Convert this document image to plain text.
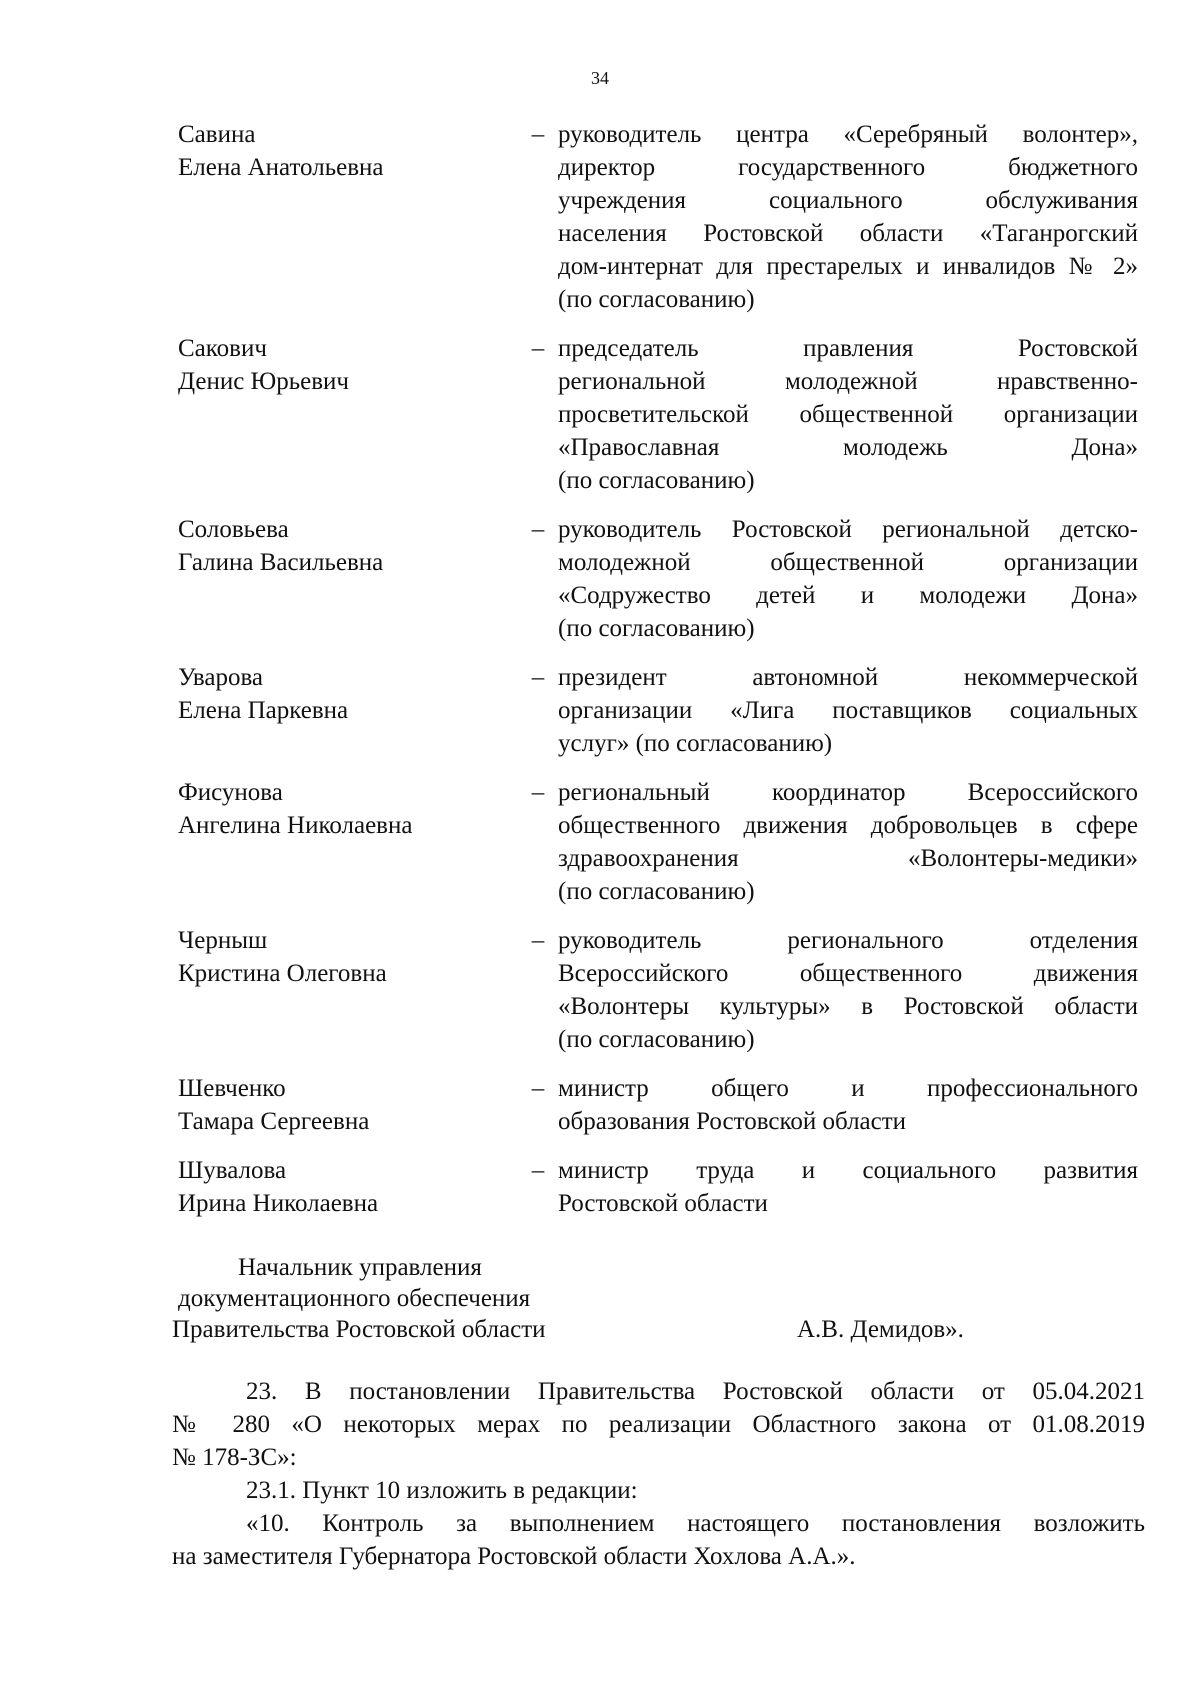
34
Савина
Елена Анатольевна
– руководитель центра «Серебряный волонтер»,
директор государственного бюджетного
учреждения социального обслуживания
населения Ростовской области «Таганрогский
дом-интернат для престарелых и инвалидов № 2»
(по согласованию)
Сакович
Денис Юрьевич
– председатель правления Ростовской
региональной молодежной нравственно-
просветительской общественной организации
«Православная молодежь Дона»
(по согласованию)
Соловьева
Галина Васильевна
– руководитель Ростовской региональной детско-
молодежной общественной организации
«Содружество детей и молодежи Дона»
(по согласованию)
Уварова
Елена Паркевна
– президент автономной некоммерческой
организации «Лига поставщиков социальных
услуг» (по согласованию)
Фисунова
Ангелина Николаевна
– региональный координатор Всероссийского
общественного движения добровольцев в сфере
здравоохранения «Волонтеры-медики»
(по согласованию)
Черныш
Кристина Олеговна
– руководитель регионального отделения
Всероссийского общественного движения
«Волонтеры культуры» в Ростовской области
(по согласованию)
Шевченко
Тамара Сергеевна
– министр общего и профессионального
образования Ростовской области
Шувалова
Ирина Николаевна
– министр труда и социального развития
Ростовской области
Начальник управления
документационного обеспечения
Правительства Ростовской области	А.В. Демидов».
23. В постановлении Правительства Ростовской области от 05.04.2021
№ 280 «О некоторых мерах по реализации Областного закона от 01.08.2019
№ 178-ЗС»:
23.1. Пункт 10 изложить в редакции:
«10. Контроль за выполнением настоящего постановления возложить
на заместителя Губернатора Ростовской области Хохлова А.А.».
